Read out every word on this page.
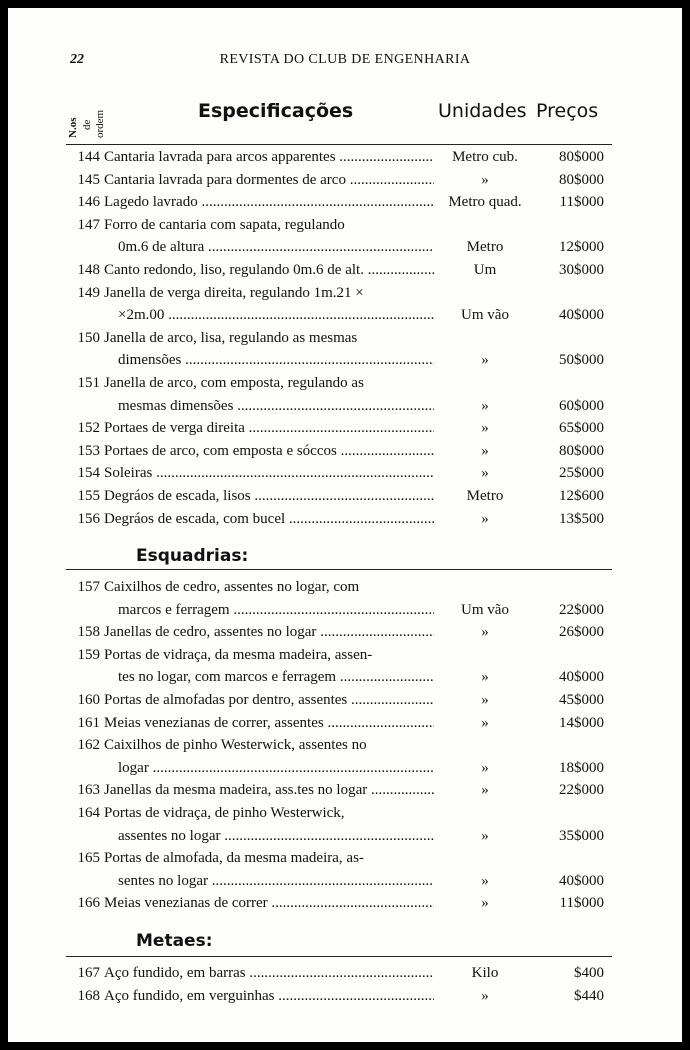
22	REVISTA DO CLUB DE ENGENHARIA
N.os de ordem	Especificações	Unidades Preços
144 Cantaria lavrada para arcos apparentes .....	Metro cub.	80$000
145 Cantaria lavrada para dormentes de arco .....	»	80$000
146 Lagedo lavrado .....	Metro quad.	11$000
147 Forro de cantaria com sapata, regulando
0m.6 de altura .....	Metro	12$000
148 Canto redondo, liso, regulando 0m.6 de alt. .....	Um	30$000
149 Janella de verga direita, regulando 1m.21 ×
×2m.00 .....	Um vão	40$000
150 Janella de arco, lisa, regulando as mesmas
dimensões .....	»	50$000
151 Janella de arco, com emposta, regulando as
mesmas dimensões .....	»	60$000
152 Portaes de verga direita .....	»	65$000
153 Portaes de arco, com emposta e sóccos .....	»	80$000
154 Soleiras .....	»	25$000
155 Degráos de escada, lisos .....	Metro	12$600
156 Degráos de escada, com bucel .....	»	13$500
Esquadrias:
157 Caixilhos de cedro, assentes no logar, com
marcos e ferragem .....	Um vão	22$000
158 Janellas de cedro, assentes no logar .....	»	26$000
159 Portas de vidraça, da mesma madeira, assen-
tes no logar, com marcos e ferragem .....	»	40$000
160 Portas de almofadas por dentro, assentes .....	»	45$000
161 Meias venezianas de correr, assentes .....	»	14$000
162 Caixilhos de pinho Westerwick, assentes no
logar .....	»	18$000
163 Janellas da mesma madeira, ass.tes no logar .....	»	22$000
164 Portas de vidraça, de pinho Westerwick,
assentes no logar .....	»	35$000
165 Portas de almofada, da mesma madeira, as-
sentes no logar .....	»	40$000
166 Meias venezianas de correr .....	»	11$000
Metaes:
167 Aço fundido, em barras .....	Kilo	$400
168 Aço fundido, em verguinhas .....	»	$440
